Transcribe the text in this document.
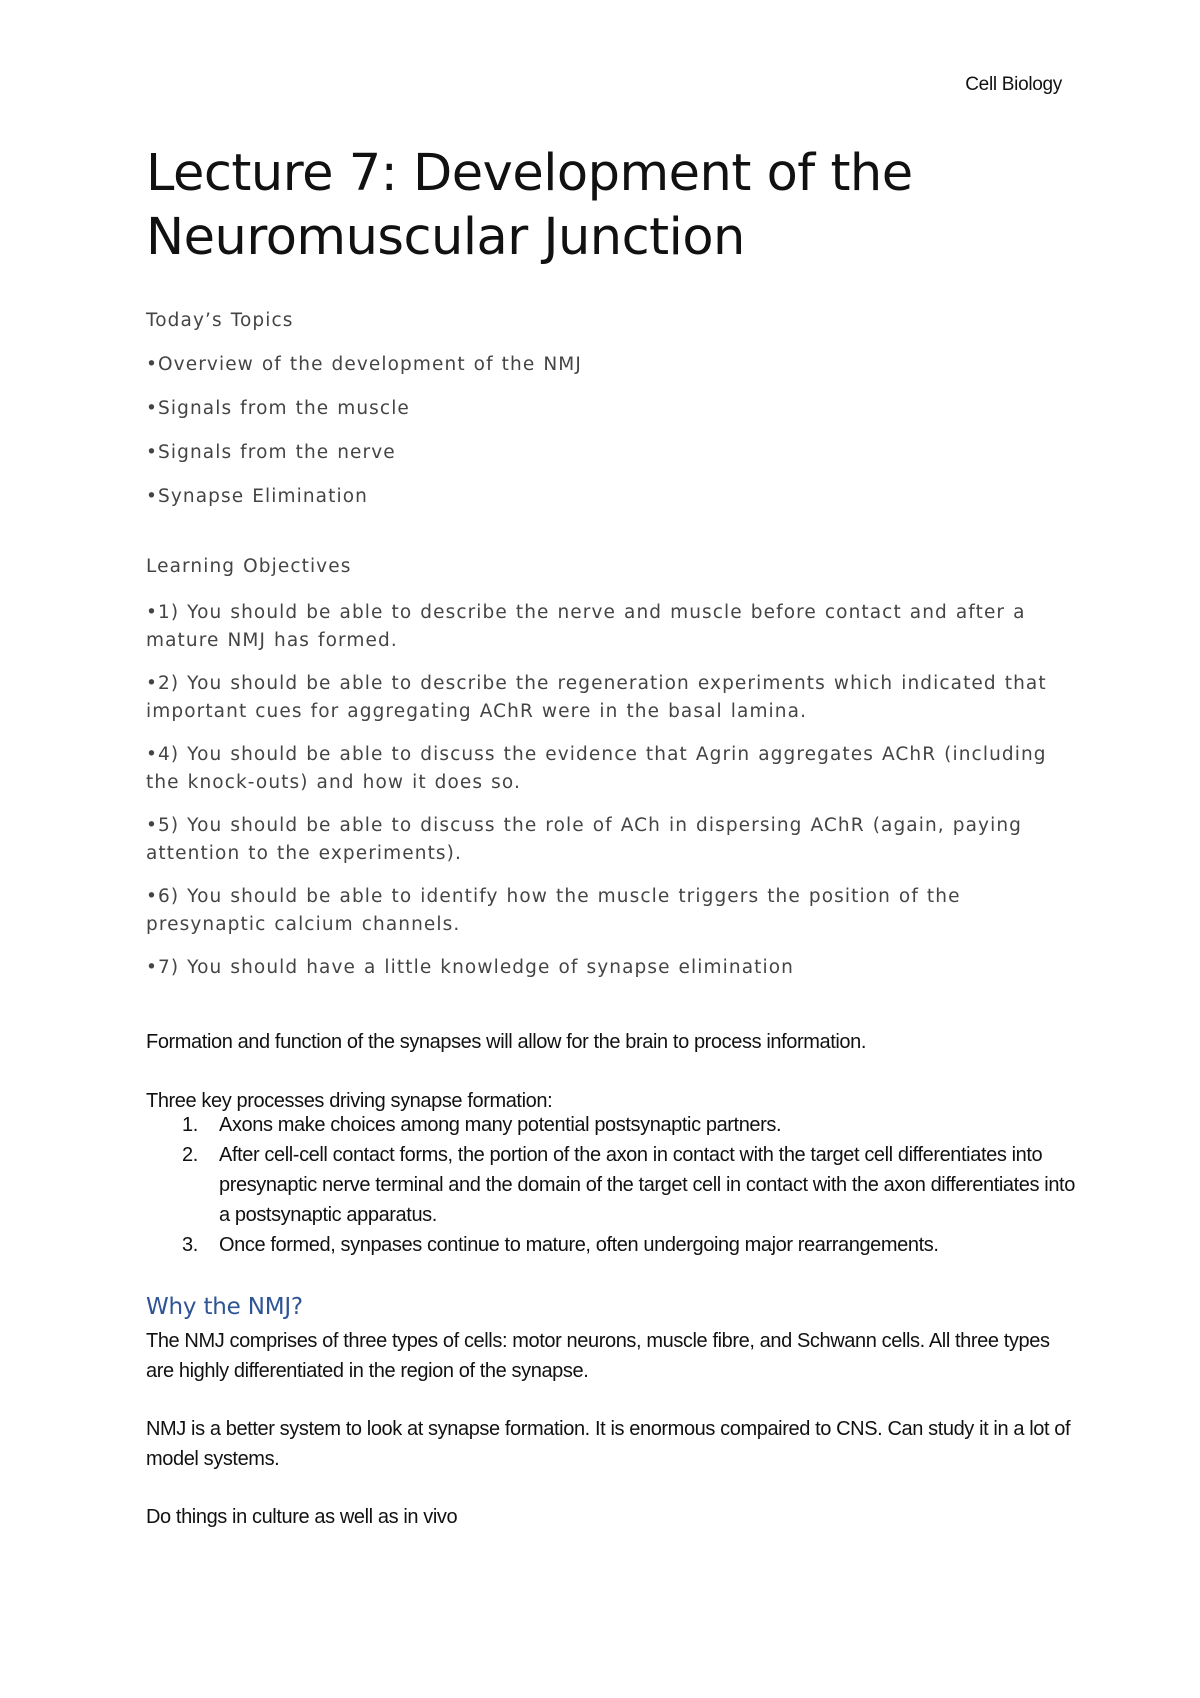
Cell Biology
Lecture 7: Development of the
Neuromuscular Junction
Today’s Topics
•Overview of the development of the NMJ
•Signals from the muscle
•Signals from the nerve
•Synapse Elimination
Learning Objectives
•1) You should be able to describe the nerve and muscle before contact and after a mature NMJ has formed.
•2) You should be able to describe the regeneration experiments which indicated that important cues for aggregating AChR were in the basal lamina.
•4) You should be able to discuss the evidence that Agrin aggregates AChR (including the knock-outs) and how it does so.
•5) You should be able to discuss the role of ACh in dispersing AChR (again, paying attention to the experiments).
•6) You should be able to identify how the muscle triggers the position of the presynaptic calcium channels.
•7) You should have a little knowledge of synapse elimination
Formation and function of the synapses will allow for the brain to process information.
Three key processes driving synapse formation:
1. Axons make choices among many potential postsynaptic partners.
2. After cell-cell contact forms, the portion of the axon in contact with the target cell differentiates into presynaptic nerve terminal and the domain of the target cell in contact with the axon differentiates into a postsynaptic apparatus.
3. Once formed, synpases continue to mature, often undergoing major rearrangements.
Why the NMJ?
The NMJ comprises of three types of cells: motor neurons, muscle fibre, and Schwann cells. All three types are highly differentiated in the region of the synapse.
NMJ is a better system to look at synapse formation. It is enormous compaired to CNS. Can study it in a lot of model systems.
Do things in culture as well as in vivo
